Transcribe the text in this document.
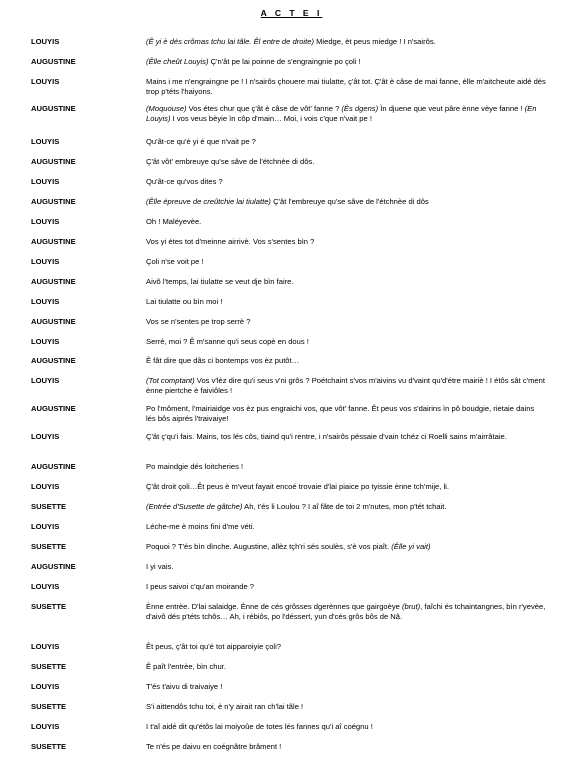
A C T E I
LOUYIS	(Ê yi è dés crômas tchu lai tâle. Êl entre de droite) Miedge, èt peus miedge ! I n'sairôs.
AUGUSTINE	(Êlle cheût Louyis) Ç'n'ât pe lai poinne de s'engraingnie po çoli !
LOUYIS	Mains i me n'engraingne pe ! I n'sairôs çhouere mai tiulatte, ç'ât tot. Ç'ât è câse de mai fanne, élle m'aitcheute aidé dés trop p'téts l'haiyons.
AUGUSTINE	(Moquouse) Vos étes chur que ç'ât è câse de vôt' fanne ? (Ès dgens) Ìn djuene que veut pâre ènne vèye fanne ! (En Louyis) I vos veus bèyie ìn côp d'main… Moi, i vois c'que n'vait pe !
LOUYIS	Qu'ât-ce qu'è yi é que n'vait pe ?
AUGUSTINE	Ç'ât vôt' embreuye qu'se sâve de l'étchnèe di dôs.
LOUYIS	Qu'ât-ce qu'vos dites ?
AUGUSTINE	(Êlle épreuve de creûtchie lai tiulatte) Ç'ât l'embreuye qu'se sâve de l'étchnèe di dôs
LOUYIS	Oh ! Maléyevèe.
AUGUSTINE	Vos yi étes tot d'meinne airrivè. Vos s'sentes bìn ?
LOUYIS	Çoli n'se voit pe !
AUGUSTINE	Aivô l'temps, lai tiulatte se veut dje bìn faire.
LOUYIS	Lai tiulatte ou bìn moi !
AUGUSTINE	Vos se n'sentes pe trop serrè ?
LOUYIS	Serrè, moi ? Ê m'sanne qu'i seus copè en dous !
AUGUSTINE	Ê fât dire que dâs ci bontemps vos èz putôt…
LOUYIS	(Tot comptant) Vos v'lèz dire qu'i seus v'ni grôs ? Poétchaint s'vos m'aivins vu d'vaint qu'd'étre mairiè ! I étôs sât c'ment ènne piertche è faiviôles !
AUGUSTINE	Po l'môment, l'mairiaidge vos èz pus engraichi vos, que vôt' fanne. Êt peus vos s'dairins ìn pô boudgie, rietaie dains lés bôs aiprés l'traivaiye!
LOUYIS	Ç'ât ç'qu'i fais. Mains, tos lés côs, tiaind qu'i rentre, i n'sairôs péssaie d'vain tchéz ci Roelli sains m'airrâtaie.
AUGUSTINE	Po maindgie dés loitcheries !
LOUYIS	Ç'ât droit çoli…Êt peus è m'veut fayait encoé trovaie d'lai piaice po tyissie ènne tch'mije, li.
SUSETTE	(Entrée d'Susette de gâtche) Ah, t'és li Loulou ? I aî fâte de toi 2 m'nutes, mon p'tét tchait.
LOUYIS	Léche-me è moins fini d'me véti.
SUSETTE	Poquoi ? T'és bìn dìnche. Augustine, allèz tçh'ri sés soulès, s'è vos piaît. (Êlle yi vait)
AUGUSTINE	I yi vais.
LOUYIS	I peus saivoi c'qu'an moirande ?
SUSETTE	Ènne entrèe. D'lai salaidge. Ènne de cés grôsses dgerènnes que gairgoèye (brut), faîchi és tchaintangnes, bìn r'yevèe, d'aivô dés p'téts tchôs… Ah, i rébiôs, po l'déssert, yun d'cés grôs bôs de Nâ.
LOUYIS	Êt peus, ç'ât toi qu'é tot aipparoiyie çoli?
SUSETTE	Ê paît l'entrèe, bìn chur.
LOUYIS	T'és t'aivu di traivaiye !
SUSETTE	S'i aittendôs tchu toi, è n'y airait ran ch'lai tâle !
LOUYIS	I t'aî aidé dit qu'étôs lai moiyoûe de totes lés fannes qu'i aî coégnu !
SUSETTE	Te n'és pe daivu en coégnâtre brâment !
